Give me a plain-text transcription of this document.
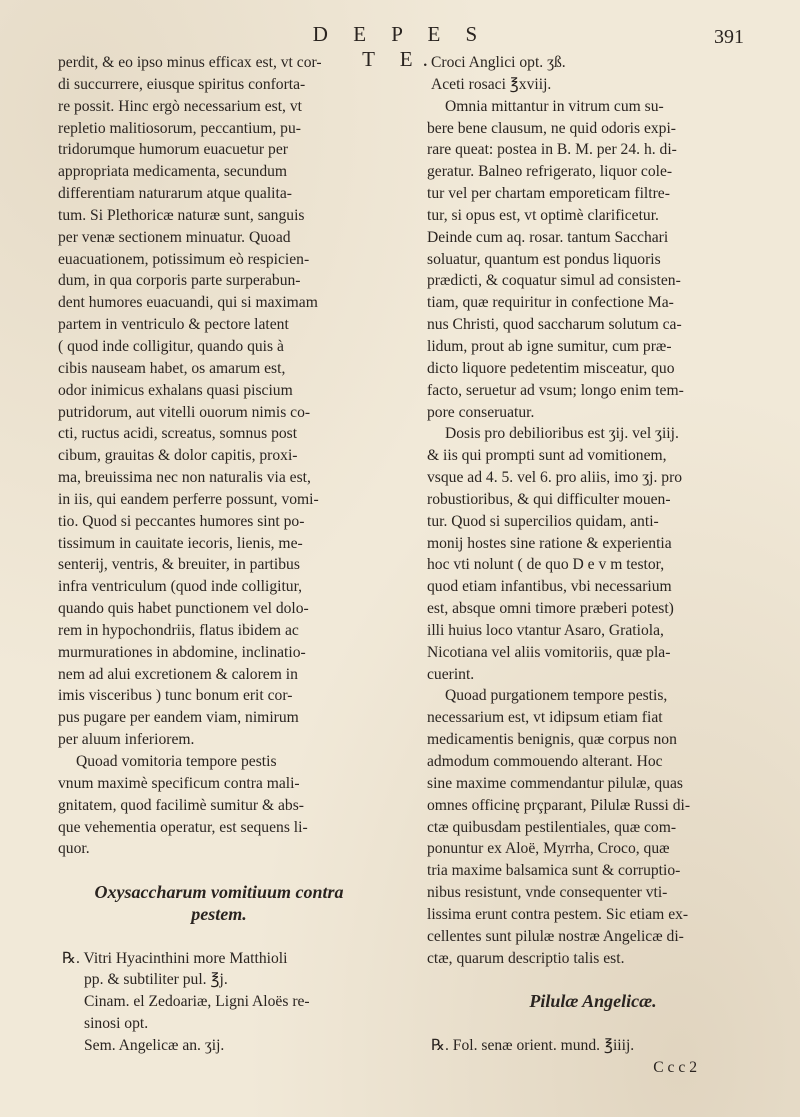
D E P E S T E.
391
perdit, & eo ipso minus efficax est, vt cor-
di succurrere, eiusque spiritus conforta-
re possit. Hinc ergò necessarium est, vt
repletio malitiosorum, peccantium, pu-
tridorumque humorum euacuetur per
appropriata medicamenta, secundum
differentiam naturarum atque qualita-
tum. Si Plethoricæ naturæ sunt, sanguis
per venæ sectionem minuatur. Quoad
euacuationem, potissimum eò respicien-
dum, in qua corporis parte surperabun-
dent humores euacuandi, qui si maximam
partem in ventriculo & pectore latent
( quod inde colligitur, quando quis à
cibis nauseam habet, os amarum est,
odor inimicus exhalans quasi piscium
putridorum, aut vitelli ouorum nimis co-
cti, ructus acidi, screatus, somnus post
cibum, grauitas & dolor capitis, proxi-
ma, breuissima nec non naturalis via est,
in iis, qui eandem perferre possunt, vomi-
tio. Quod si peccantes humores sint po-
tissimum in cauitate iecoris, lienis, me-
senterij, ventris, & breuiter, in partibus
infra ventriculum (quod inde colligitur,
quando quis habet punctionem vel dolo-
rem in hypochondriis, flatus ibidem ac
murmurationes in abdomine, inclinatio-
nem ad alui excretionem & calorem in
imis visceribus ) tunc bonum erit cor-
pus pugare per eandem viam, nimirum
per aluum inferiorem.
Quoad vomitoria tempore pestis
vnum maximè specificum contra mali-
gnitatem, quod facilimè sumitur & abs-
que vehementia operatur, est sequens li-
quor.
Oxysaccharum vomitiuum contra
pestem.
℞. Vitri Hyacinthini more Matthioli
pp. & subtiliter pul. ℥j.
Cinam. el Zedoariæ, Ligni Aloës re-
sinosi opt.
Sem. Angelicæ an. ʒij.
Croci Anglici opt. ʒß.
Aceti rosaci ℥xviij.
Omnia mittantur in vitrum cum su-
bere bene clausum, ne quid odoris expi-
rare queat: postea in B. M. per 24. h. di-
geratur. Balneo refrigerato, liquor cole-
tur vel per chartam emporeticam filtre-
tur, si opus est, vt optimè clarificetur.
Deinde cum aq. rosar. tantum Sacchari
soluatur, quantum est pondus liquoris
prædicti, & coquatur simul ad consisten-
tiam, quæ requiritur in confectione Ma-
nus Christi, quod saccharum solutum ca-
lidum, prout ab igne sumitur, cum præ-
dicto liquore pedetentim misceatur, quo
facto, seruetur ad vsum; longo enim tem-
pore conseruatur.
Dosis pro debilioribus est ʒij. vel ʒiij.
& iis qui prompti sunt ad vomitionem,
vsque ad 4. 5. vel 6. pro aliis, imo ʒj. pro
robustioribus, & qui difficulter mouen-
tur. Quod si supercilios quidam, anti-
monij hostes sine ratione & experientia
hoc vti nolunt ( de quo D e v m testor,
quod etiam infantibus, vbi necessarium
est, absque omni timore præberi potest)
illi huius loco vtantur Asaro, Gratiola,
Nicotiana vel aliis vomitoriis, quæ pla-
cuerint.
Quoad purgationem tempore pestis,
necessarium est, vt idipsum etiam fiat
medicamentis benignis, quæ corpus non
admodum commouendo alterant. Hoc
sine maxime commendantur pilulæ, quas
omnes officinę prçparant, Pilulæ Russi di-
ctæ quibusdam pestilentiales, quæ com-
ponuntur ex Aloë, Myrrha, Croco, quæ
tria maxime balsamica sunt & corruptio-
nibus resistunt, vnde consequenter vti-
lissima erunt contra pestem. Sic etiam ex-
cellentes sunt pilulæ nostræ Angelicæ di-
ctæ, quarum descriptio talis est.
Pilulæ Angelicæ.
℞. Fol. senæ orient. mund. ℥iiij.
C c c 2
